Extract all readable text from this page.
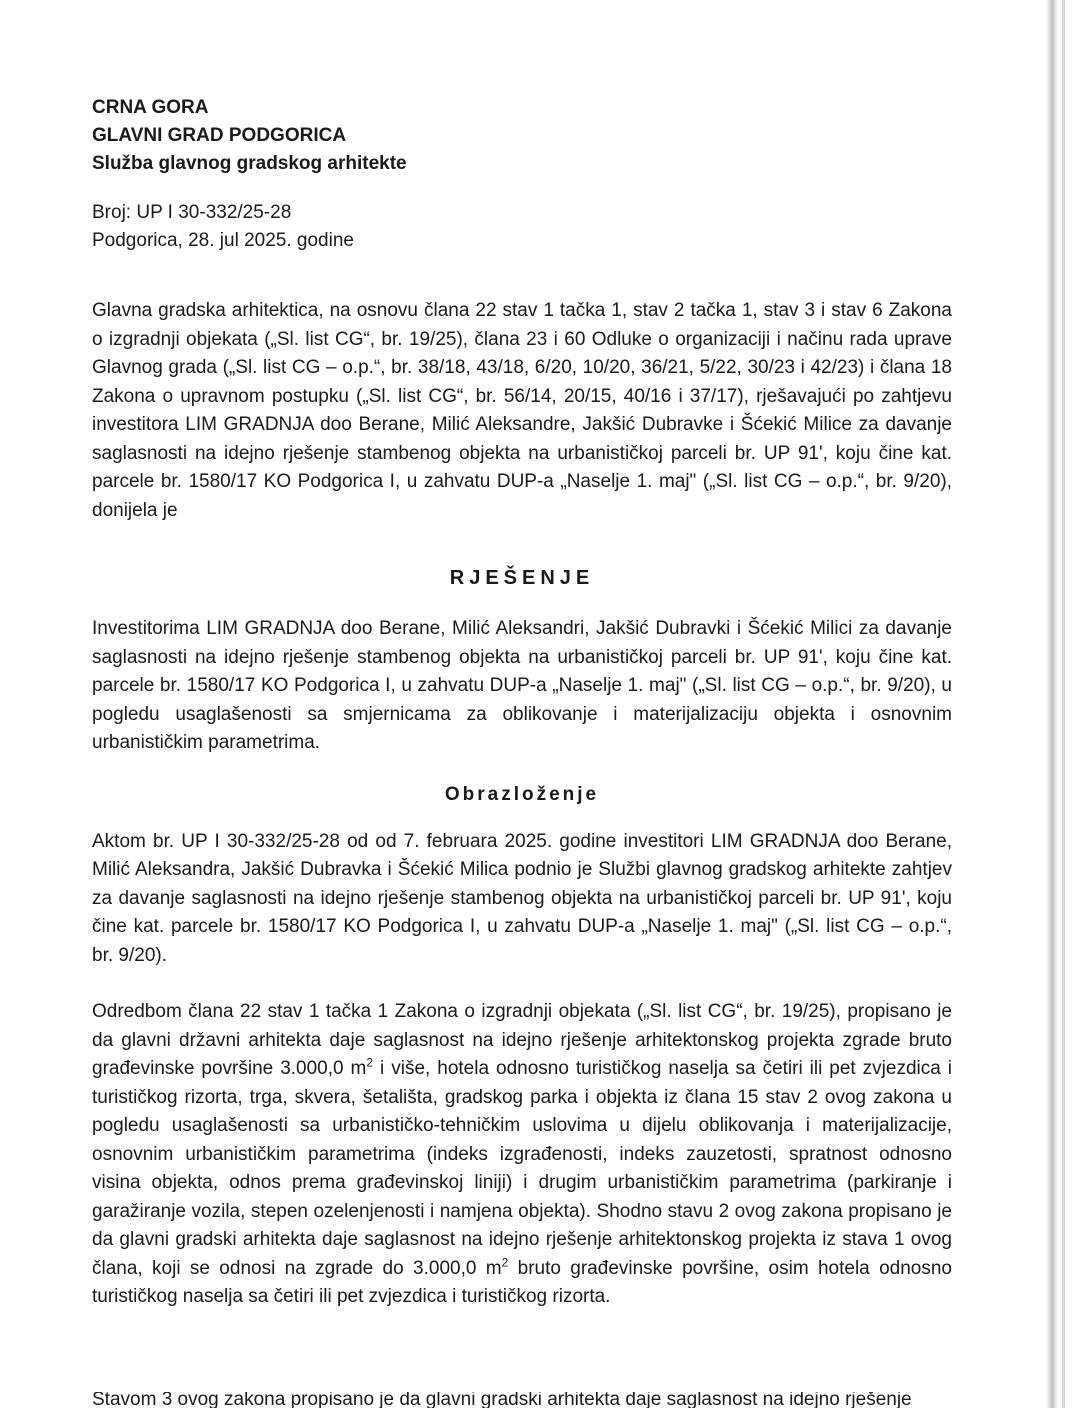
CRNA GORA
GLAVNI GRAD PODGORICA
Služba glavnog gradskog arhitekte
Broj: UP I 30-332/25-28
Podgorica, 28. jul 2025. godine

Glavna gradska arhitektica, na osnovu člana 22 stav 1 tačka 1, stav 2 tačka 1, stav 3 i stav 6 Zakona o izgradnji objekata („Sl. list CG“, br. 19/25), člana 23 i 60 Odluke o organizaciji i načinu rada uprave Glavnog grada („Sl. list CG – o.p.“, br. 38/18, 43/18, 6/20, 10/20, 36/21, 5/22, 30/23 i 42/23) i člana 18 Zakona o upravnom postupku („Sl. list CG“, br. 56/14, 20/15, 40/16 i 37/17), rješavajući po zahtjevu investitora LIM GRADNJA doo Berane, Milić Aleksandre, Jakšić Dubravke i Šćekić Milice za davanje saglasnosti na idejno rješenje stambenog objekta na urbanističkoj parceli br. UP 91', koju čine kat. parcele br. 1580/17 KO Podgorica I, u zahvatu DUP-a „Naselje 1. maj" („Sl. list CG – o.p.“, br. 9/20), donijela je

RJEŠENJE

Investitorima LIM GRADNJA doo Berane, Milić Aleksandri, Jakšić Dubravki i Šćekić Milici za davanje saglasnosti na idejno rješenje stambenog objekta na urbanističkoj parceli br. UP 91', koju čine kat. parcele br. 1580/17 KO Podgorica I, u zahvatu DUP-a „Naselje 1. maj" („Sl. list CG – o.p.“, br. 9/20), u pogledu usaglašenosti sa smjernicama za oblikovanje i materijalizaciju objekta i osnovnim urbanističkim parametrima.

Obrazloženje

Aktom br. UP I 30-332/25-28 od od 7. februara 2025. godine investitori LIM GRADNJA doo Berane, Milić Aleksandra, Jakšić Dubravka i Šćekić Milica podnio je Službi glavnog gradskog arhitekte zahtjev za davanje saglasnosti na idejno rješenje stambenog objekta na urbanističkoj parceli br. UP 91', koju čine kat. parcele br. 1580/17 KO Podgorica I, u zahvatu DUP-a „Naselje 1. maj" („Sl. list CG – o.p.“, br. 9/20).

Odredbom člana 22 stav 1 tačka 1 Zakona o izgradnji objekata („Sl. list CG“, br. 19/25), propisano je da glavni državni arhitekta daje saglasnost na idejno rješenje arhitektonskog projekta zgrade bruto građevinske površine 3.000,0 $m^2$ i više, hotela odnosno turističkog naselja sa četiri ili pet zvjezdica i turističkog rizorta, trga, skvera, šetališta, gradskog parka i objekta iz člana 15 stav 2 ovog zakona u pogledu usaglašenosti sa urbanističko-tehničkim uslovima u dijelu oblikovanja i materijalizacije, osnovnim urbanističkim parametrima (indeks izgrađenosti, indeks zauzetosti, spratnost odnosno visina objekta, odnos prema građevinskoj liniji) i drugim urbanističkim parametrima (parkiranje i garažiranje vozila, stepen ozelenjenosti i namjena objekta). Shodno stavu 2 ovog zakona propisano je da glavni gradski arhitekta daje saglasnost na idejno rješenje arhitektonskog projekta iz stava 1 ovog člana, koji se odnosi na zgrade do 3.000,0 $m^2$ bruto građevinske površine, osim hotela odnosno turističkog naselja sa četiri ili pet zvjezdica i turističkog rizorta.

Stavom 3 ovog zakona propisano je da glavni gradski arhitekta daje saglasnost na idejno rješenje
